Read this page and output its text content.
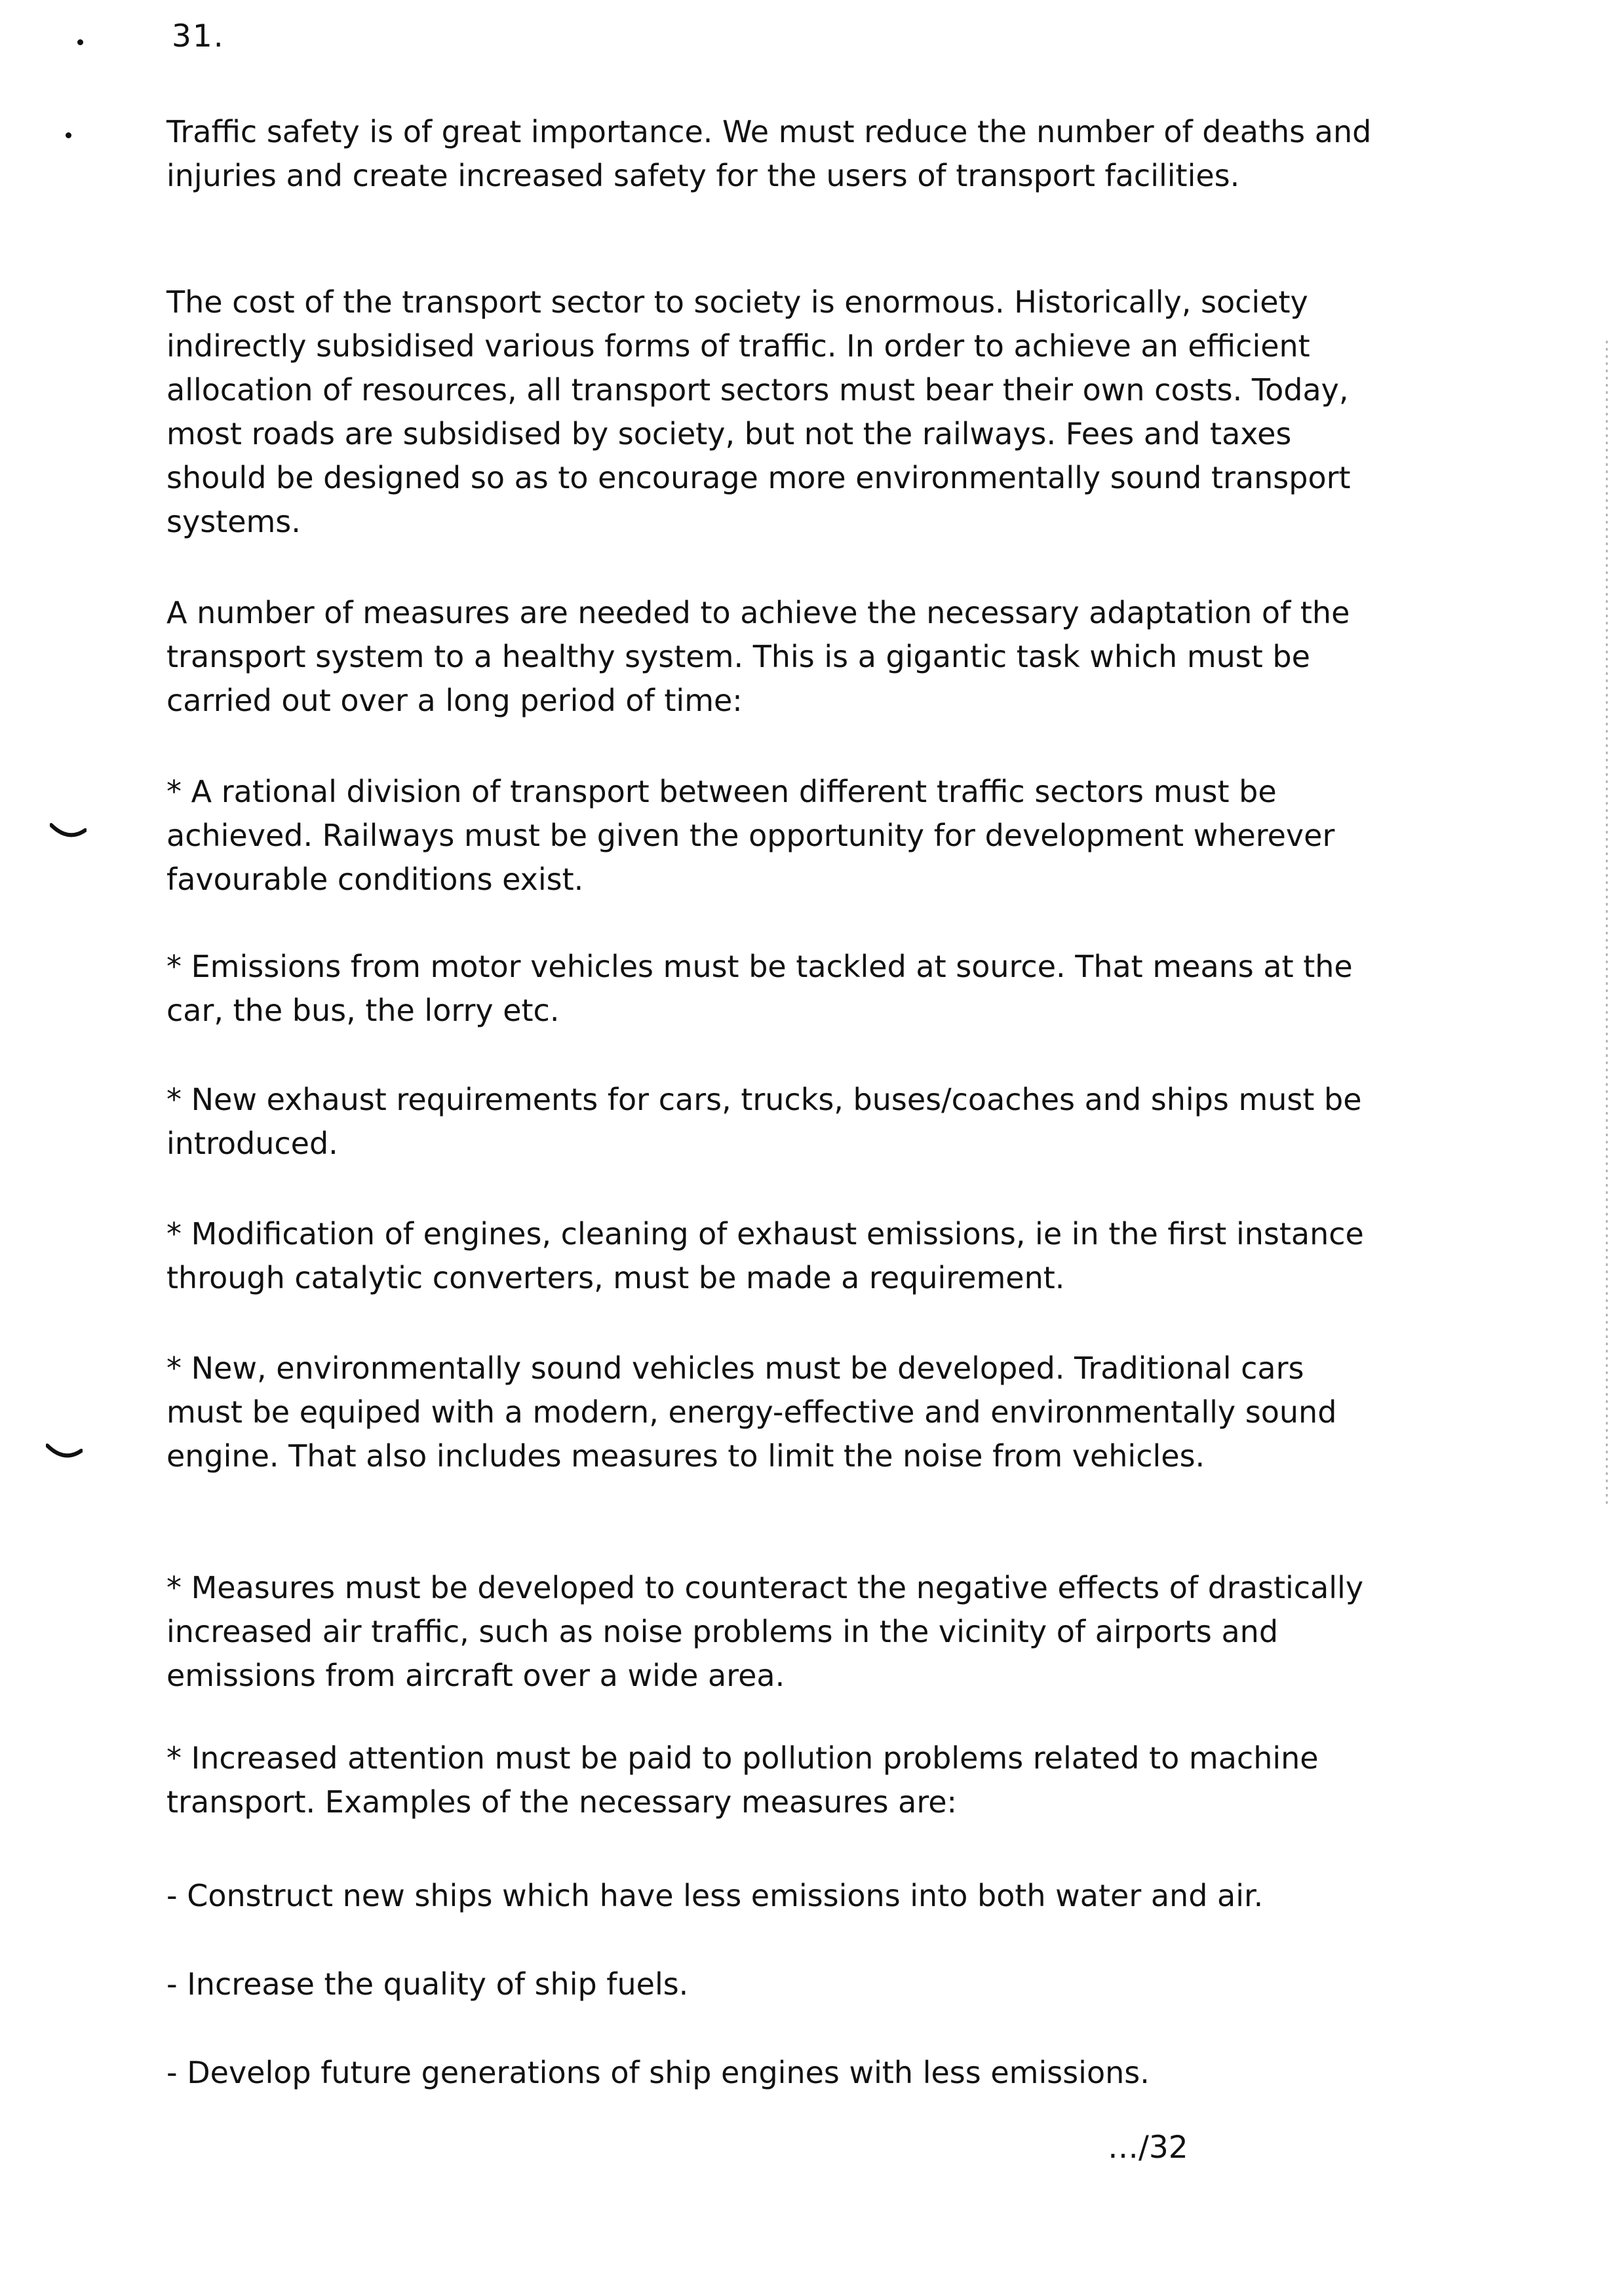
31.

Traffic safety is of great importance. We must reduce the number of deaths and injuries and create increased safety for the users of transport facilities.

The cost of the transport sector to society is enormous. Historically, society indirectly subsidised various forms of traffic. In order to achieve an efficient allocation of resources, all transport sectors must bear their own costs. Today, most roads are subsidised by society, but not the railways. Fees and taxes should be designed so as to encourage more environmentally sound transport systems.

A number of measures are needed to achieve the necessary adaptation of the transport system to a healthy system. This is a gigantic task which must be carried out over a long period of time:

* A rational division of transport between different traffic sectors must be achieved. Railways must be given the opportunity for development wherever favourable conditions exist.

* Emissions from motor vehicles must be tackled at source. That means at the car, the bus, the lorry etc.

* New exhaust requirements for cars, trucks, buses/coaches and ships must be introduced.

* Modification of engines, cleaning of exhaust emissions, ie in the first instance through catalytic converters, must be made a requirement.

* New, environmentally sound vehicles must be developed. Traditional cars must be equiped with a modern, energy-effective and environmentally sound engine. That also includes measures to limit the noise from vehicles.

* Measures must be developed to counteract the negative effects of drastically increased air traffic, such as noise problems in the vicinity of airports and emissions from aircraft over a wide area.

* Increased attention must be paid to pollution problems related to machine transport. Examples of the necessary measures are:

- Construct new ships which have less emissions into both water and air.

- Increase the quality of ship fuels.

- Develop future generations of ship engines with less emissions.

…/32
